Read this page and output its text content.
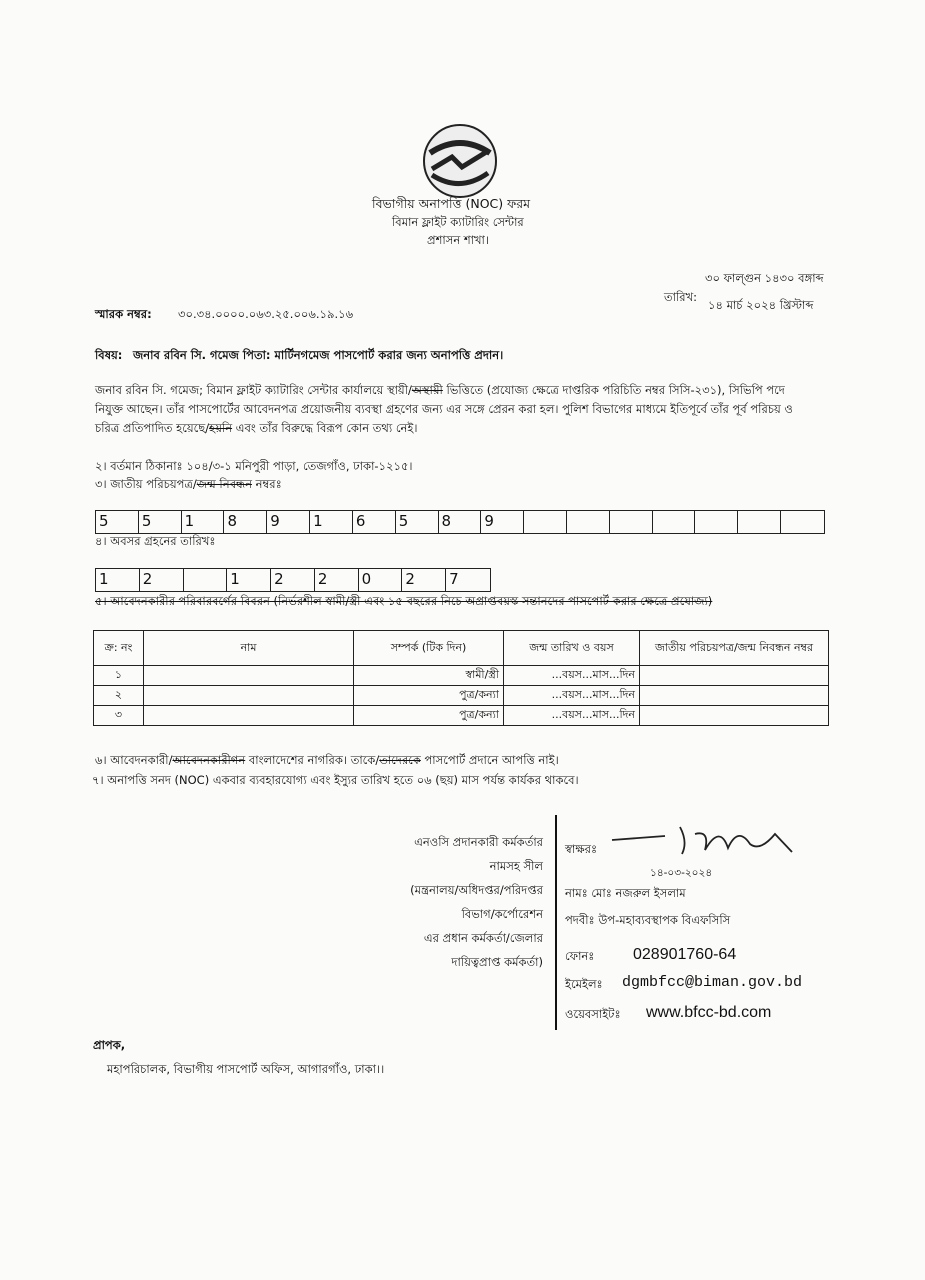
বিভাগীয় অনাপত্তি (NOC) ফরম
বিমান ফ্লাইট ক্যাটারিং সেন্টার
প্রশাসন শাখা।
৩০ ফাল্গুন ১৪৩০ বঙ্গাব্দ
তারিখ:
১৪ মার্চ ২০২৪ খ্রিস্টাব্দ
স্মারক নম্বর: ৩০.৩৪.০০০০.০৬৩.২৫.০০৬.১৯.১৬
বিষয়: জনাব রবিন সি. গমেজ পিতা: মার্টিনগমেজ পাসপোর্ট করার জন্য অনাপত্তি প্রদান।
জনাব রবিন সি. গমেজ; বিমান ফ্লাইট ক্যাটারিং সেন্টার কার্যালয়ে স্থায়ী/অস্থায়ী ভিত্তিতে (প্রযোজ্য ক্ষেত্রে দাপ্তরিক পরিচিতি নম্বর সিসি-২৩১), সিভিপি পদে
নিযুক্ত আছেন। তাঁর পাসপোর্টের আবেদনপত্র প্রয়োজনীয় ব্যবস্থা গ্রহণের জন্য এর সঙ্গে প্রেরন করা হল। পুলিশ বিভাগের মাধ্যমে ইতিপূর্বে তাঁর পূর্ব পরিচয় ও
চরিত্র প্রতিপাদিত হয়েছে/হয়নি এবং তাঁর বিরুদ্ধে বিরূপ কোন তথ্য নেই।
২। বর্তমান ঠিকানাঃ ১০৪/৩-১ মনিপুরী পাড়া, তেজগাঁও, ঢাকা-১২১৫।
৩। জাতীয় পরিচয়পত্র/জন্ম নিবন্ধন নম্বরঃ
5	5	1	8	9	1	6	5	8	9
৪। অবসর গ্রহনের তারিখঃ
1	2	1	2	2	0	2	7
৫। আবেদনকারীর পরিবারবর্গের বিবরন (নির্ভরশীল স্বামী/স্ত্রী এবং ১৫ বছরের নিচে অপ্রাপ্তবয়স্ক সন্তানদের পাসপোর্ট করার ক্ষেত্রে প্রযোজ্য)
ক্র: নং	নাম	সম্পর্ক (টিক দিন)	জন্ম তারিখ ও বয়স	জাতীয় পরিচয়পত্র/জন্ম নিবন্ধন নম্বর
১		স্বামী/স্ত্রী	...বয়স...মাস...দিন	
২		পুত্র/কন্যা	...বয়স...মাস...দিন	
৩		পুত্র/কন্যা	...বয়স...মাস...দিন	
৬। আবেদনকারী/আবেদনকারীগন বাংলাদেশের নাগরিক। তাকে/তাদেরকে পাসপোর্ট প্রদানে আপত্তি নাই।
৭। অনাপত্তি সনদ (NOC) একবার ব্যবহারযোগ্য এবং ইস্যুর তারিখ হতে ০৬ (ছয়) মাস পর্যন্ত কার্যকর থাকবে।
এনওসি প্রদানকারী কর্মকর্তার
নামসহ সীল
(মন্ত্রনালয়/অধিদপ্তর/পরিদপ্তর
বিভাগ/কর্পোরেশন
এর প্রধান কর্মকর্তা/জেলার
দায়িত্বপ্রাপ্ত কর্মকর্তা)
স্বাক্ষরঃ
১৪-০৩-২০২৪
নামঃ মোঃ নজরুল ইসলাম
পদবীঃ উপ-মহাব্যবস্থাপক বিএফসিসি
ফোনঃ 028901760-64
ইমেইলঃ dgmbfcc@biman.gov.bd
ওয়েবসাইটঃ www.bfcc-bd.com
প্রাপক,
মহাপরিচালক, বিভাগীয় পাসপোর্ট অফিস, আগারগাঁও, ঢাকা।।
